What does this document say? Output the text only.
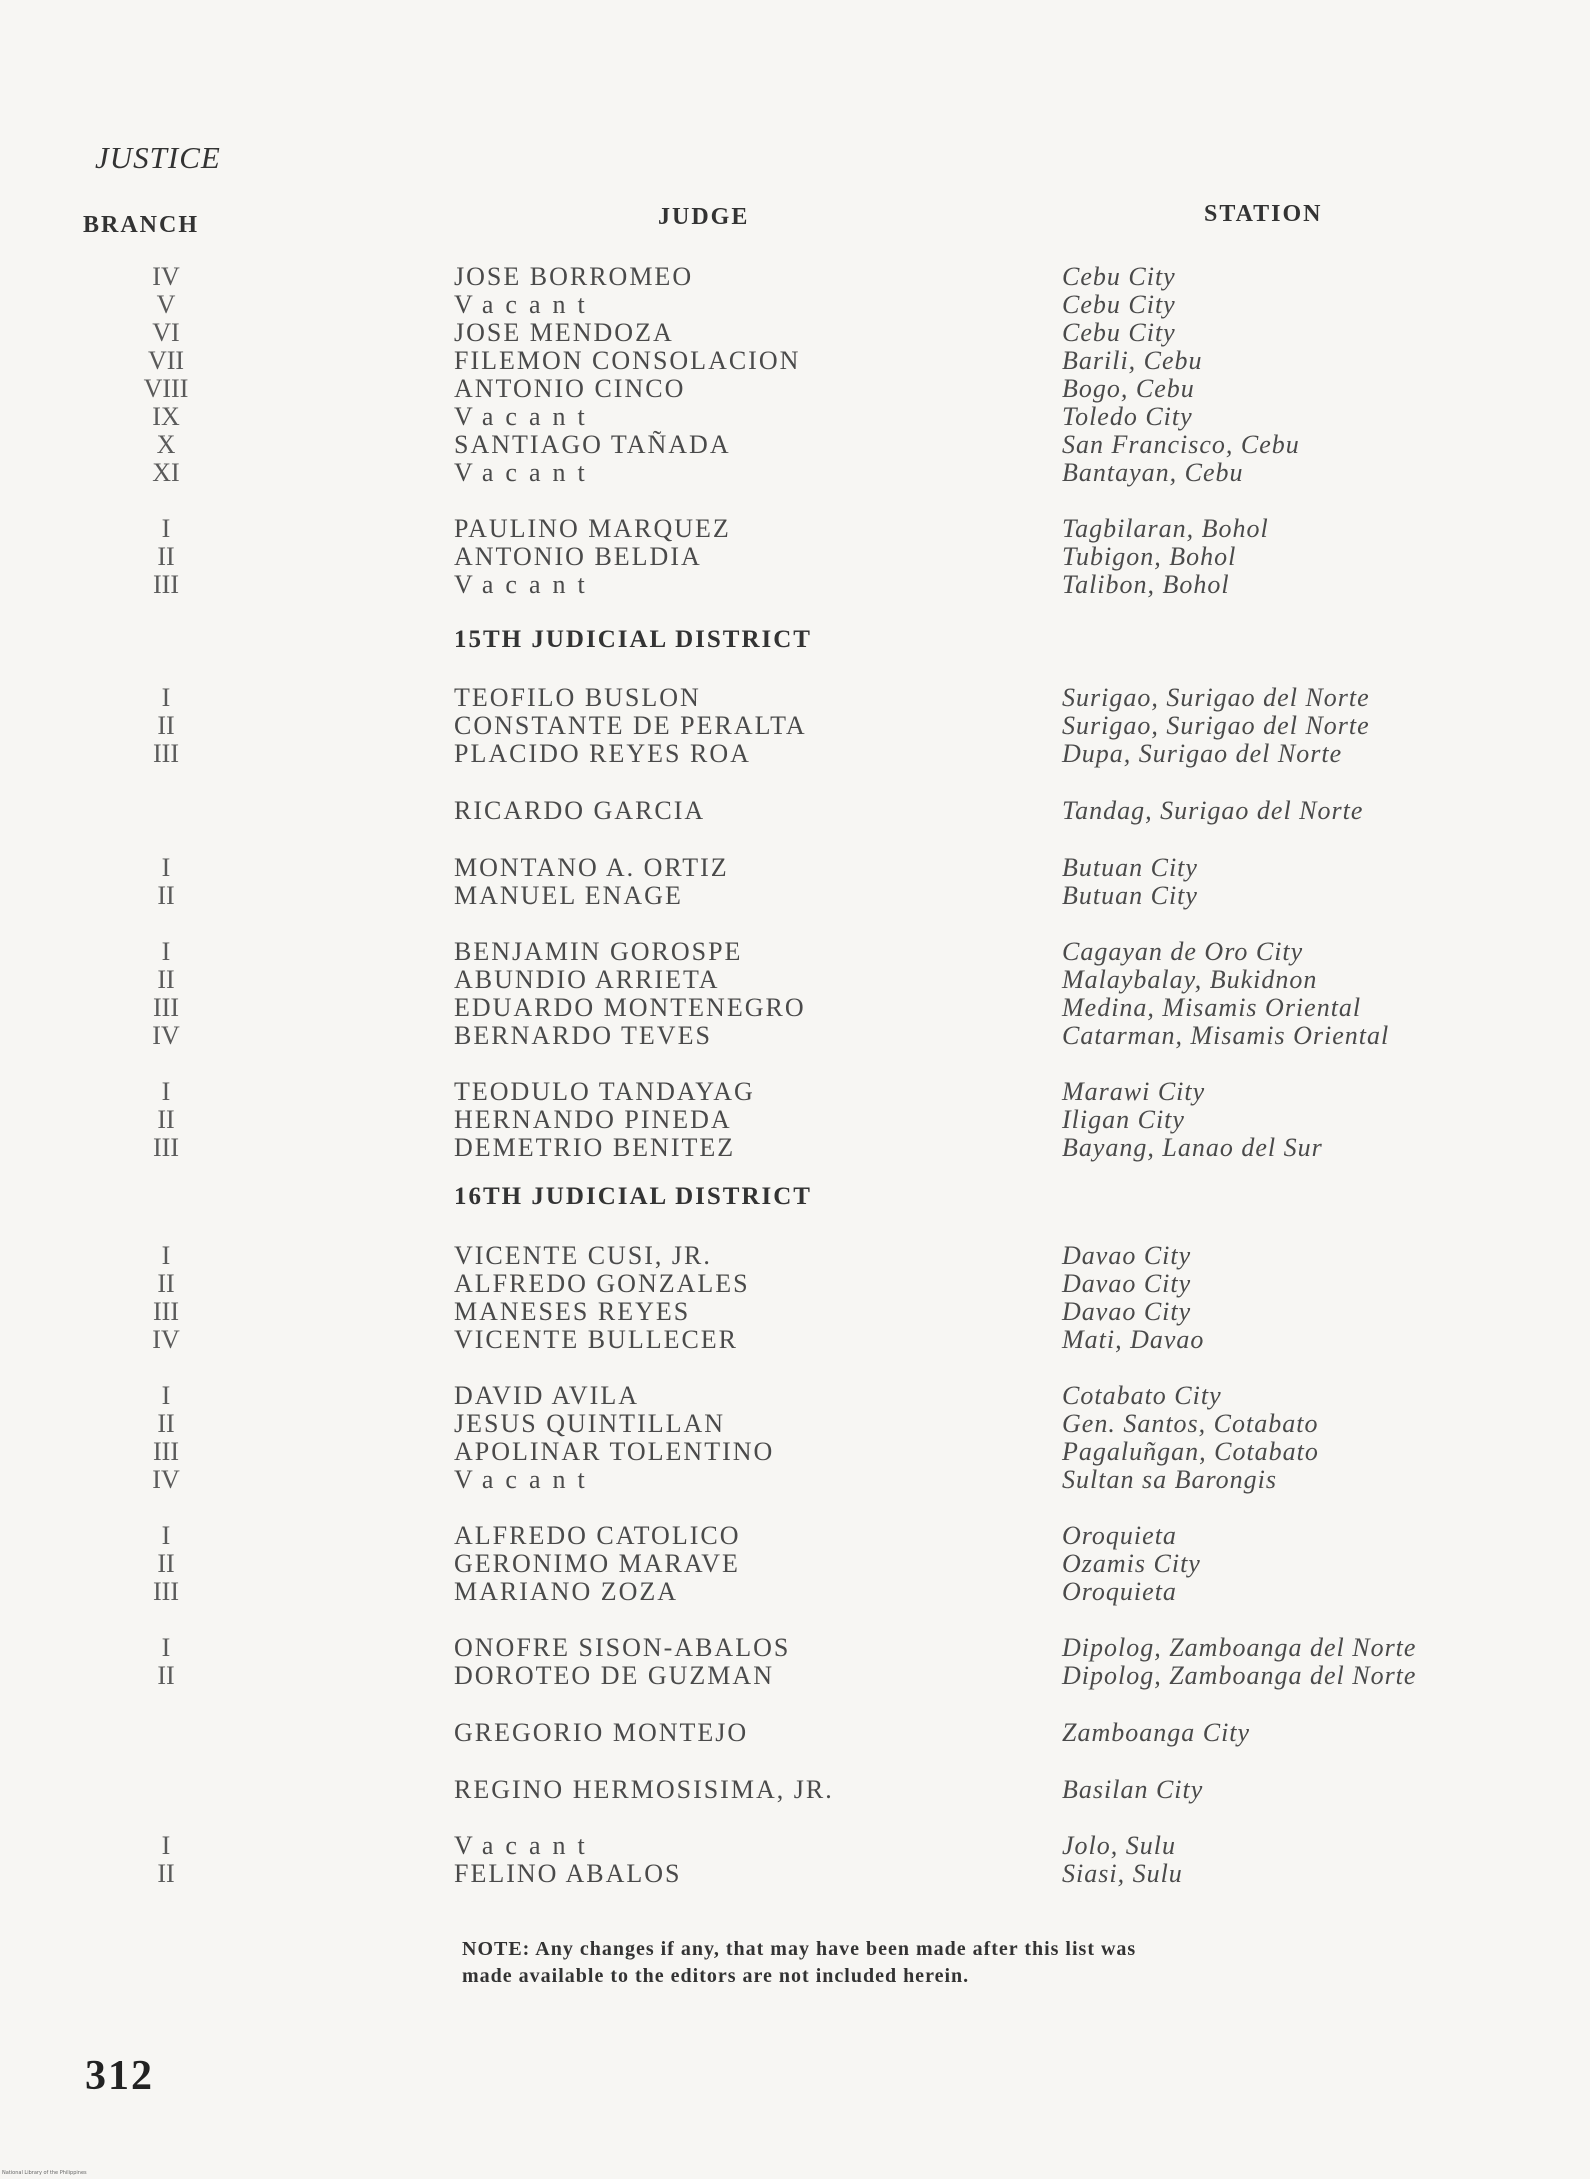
JUSTICE
BRANCH	JUDGE	STATION
15TH JUDICIAL DISTRICT
16TH JUDICIAL DISTRICT
IV	JOSE BORROMEO	Cebu City
V	Vacant	Cebu City
VI	JOSE MENDOZA	Cebu City
VII	FILEMON CONSOLACION	Barili, Cebu
VIII	ANTONIO CINCO	Bogo, Cebu
IX	Vacant	Toledo City
X	SANTIAGO TAÑADA	San Francisco, Cebu
XI	Vacant	Bantayan, Cebu
I	PAULINO MARQUEZ	Tagbilaran, Bohol
II	ANTONIO BELDIA	Tubigon, Bohol
III	Vacant	Talibon, Bohol
I	TEOFILO BUSLON	Surigao, Surigao del Norte
II	CONSTANTE DE PERALTA	Surigao, Surigao del Norte
III	PLACIDO REYES ROA	Dupa, Surigao del Norte
RICARDO GARCIA	Tandag, Surigao del Norte
I	MONTANO A. ORTIZ	Butuan City
II	MANUEL ENAGE	Butuan City
I	BENJAMIN GOROSPE	Cagayan de Oro City
II	ABUNDIO ARRIETA	Malaybalay, Bukidnon
III	EDUARDO MONTENEGRO	Medina, Misamis Oriental
IV	BERNARDO TEVES	Catarman, Misamis Oriental
I	TEODULO TANDAYAG	Marawi City
II	HERNANDO PINEDA	Iligan City
III	DEMETRIO BENITEZ	Bayang, Lanao del Sur
I	VICENTE CUSI, JR.	Davao City
II	ALFREDO GONZALES	Davao City
III	MANESES REYES	Davao City
IV	VICENTE BULLECER	Mati, Davao
I	DAVID AVILA	Cotabato City
II	JESUS QUINTILLAN	Gen. Santos, Cotabato
III	APOLINAR TOLENTINO	Pagaluñgan, Cotabato
IV	Vacant	Sultan sa Barongis
I	ALFREDO CATOLICO	Oroquieta
II	GERONIMO MARAVE	Ozamis City
III	MARIANO ZOZA	Oroquieta
I	ONOFRE SISON-ABALOS	Dipolog, Zamboanga del Norte
II	DOROTEO DE GUZMAN	Dipolog, Zamboanga del Norte
GREGORIO MONTEJO	Zamboanga City
REGINO HERMOSISIMA, JR.	Basilan City
I	Vacant	Jolo, Sulu
II	FELINO ABALOS	Siasi, Sulu
NOTE: Any changes if any, that may have been made after this list was made available to the editors are not included herein.
312
National Library of the Philippines
